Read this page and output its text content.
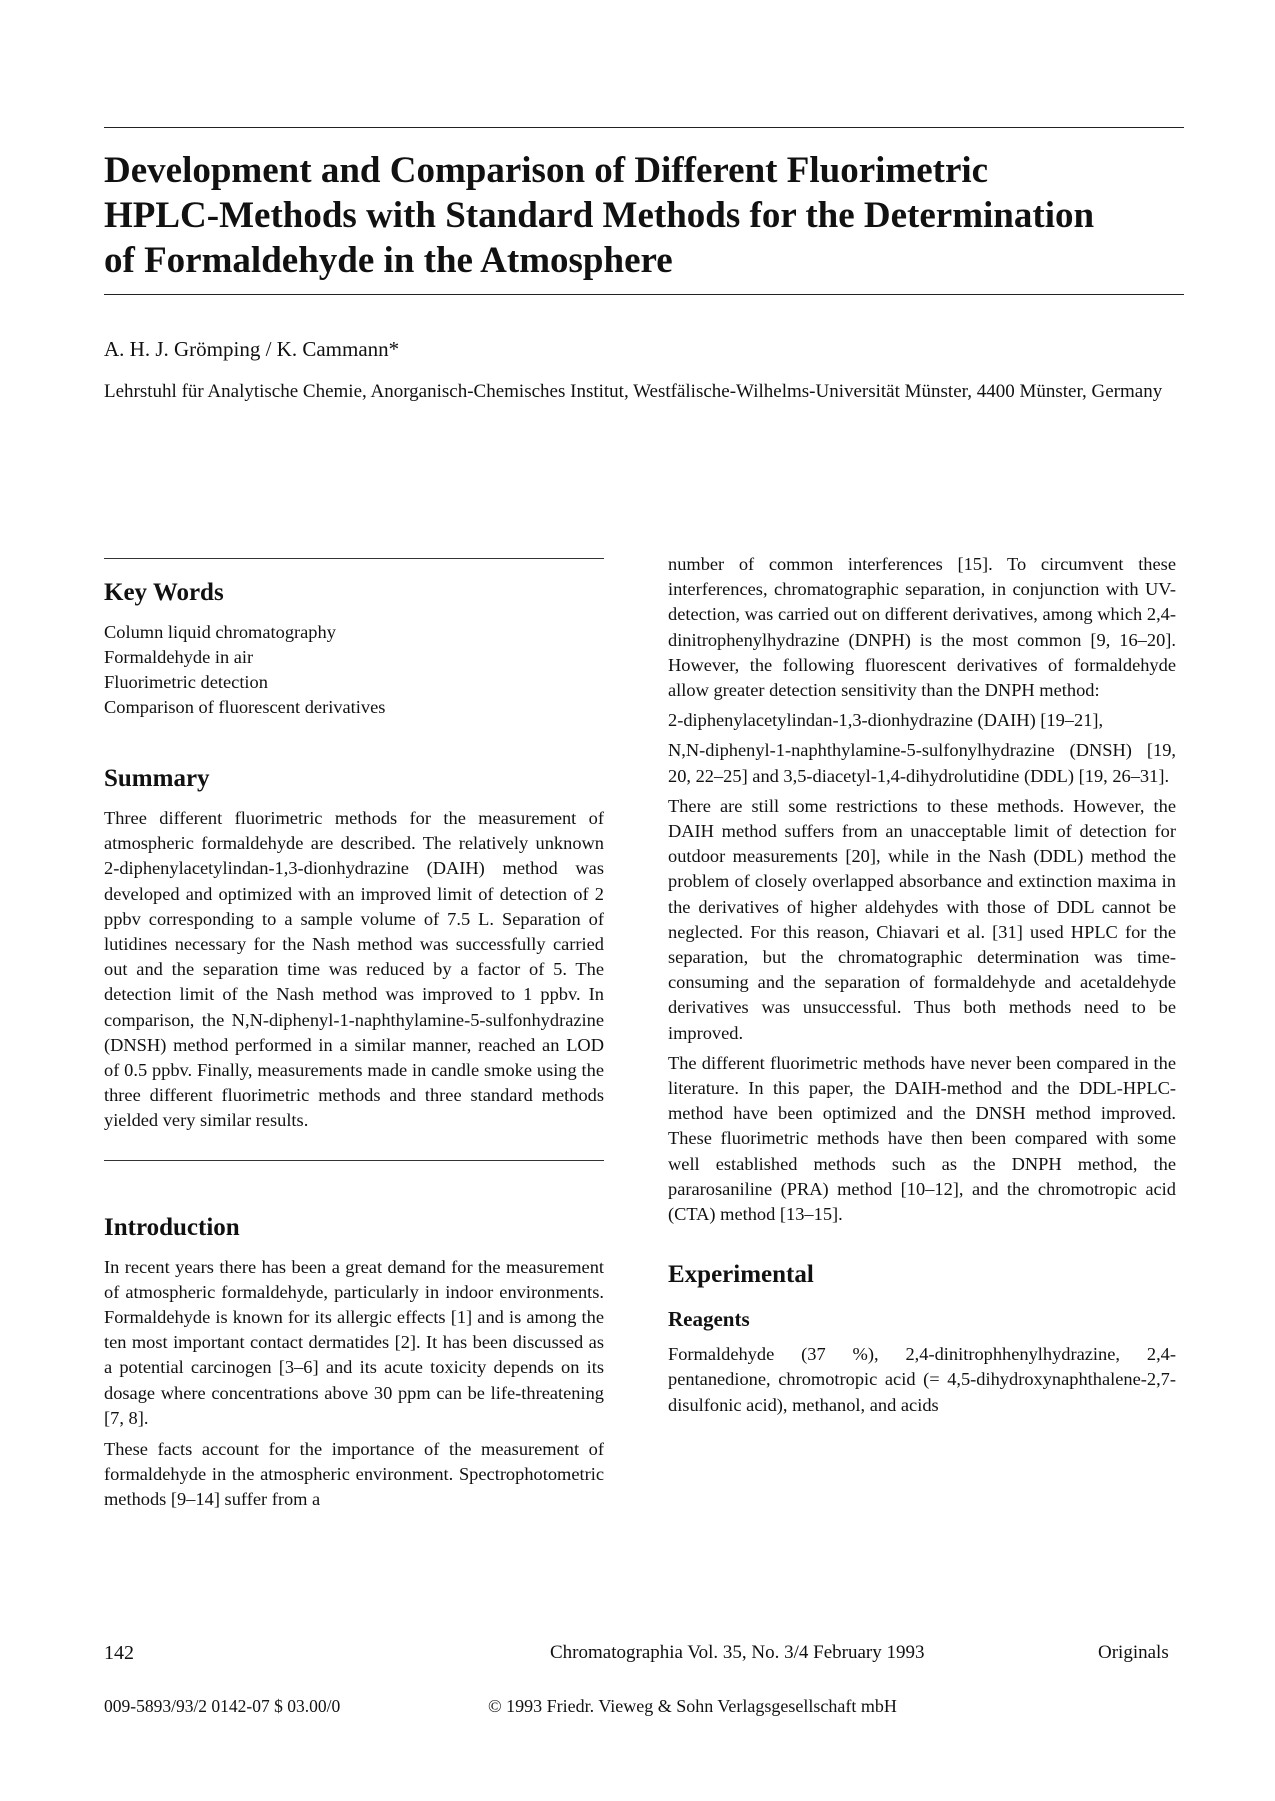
Development and Comparison of Different Fluorimetric
HPLC-Methods with Standard Methods for the Determination
of Formaldehyde in the Atmosphere
A. H. J. Grömping / K. Cammann*
Lehrstuhl für Analytische Chemie, Anorganisch-Chemisches Institut, Westfälische-Wilhelms-Universität Münster, 4400 Münster, Germany
Key Words
Column liquid chromatography
Formaldehyde in air
Fluorimetric detection
Comparison of fluorescent derivatives
Summary

Three different fluorimetric methods for the measurement of atmospheric formaldehyde are described. The relatively unknown 2-diphenylacetylindan-1,3-dionhydrazine (DAIH) method was developed and optimized with an improved limit of detection of 2 ppbv corresponding to a sample volume of 7.5 L. Separation of lutidines necessary for the Nash method was successfully carried out and the separation time was reduced by a factor of 5. The detection limit of the Nash method was improved to 1 ppbv. In comparison, the N,N-diphenyl-1-naphthylamine-5-sulfonhydrazine (DNSH) method performed in a similar manner, reached an LOD of 0.5 ppbv. Finally, measurements made in candle smoke using the three different fluorimetric methods and three standard methods yielded very similar results.

Introduction

In recent years there has been a great demand for the measurement of atmospheric formaldehyde, particularly in indoor environments. Formaldehyde is known for its allergic effects [1] and is among the ten most important contact dermatides [2]. It has been discussed as a potential carcinogen [3–6] and its acute toxicity depends on its dosage where concentrations above 30 ppm can be life-threatening [7, 8].

These facts account for the importance of the measurement of formaldehyde in the atmospheric environment. Spectrophotometric methods [9–14] suffer from a

number of common interferences [15]. To circumvent these interferences, chromatographic separation, in conjunction with UV-detection, was carried out on different derivatives, among which 2,4-dinitrophenylhydrazine (DNPH) is the most common [9, 16–20]. However, the following fluorescent derivatives of formaldehyde allow greater detection sensitivity than the DNPH method:

2-diphenylacetylindan-1,3-dionhydrazine (DAIH) [19–21],

N,N-diphenyl-1-naphthylamine-5-sulfonylhydrazine (DNSH) [19, 20, 22–25] and 3,5-diacetyl-1,4-dihydrolutidine (DDL) [19, 26–31].

There are still some restrictions to these methods. However, the DAIH method suffers from an unacceptable limit of detection for outdoor measurements [20], while in the Nash (DDL) method the problem of closely overlapped absorbance and extinction maxima in the derivatives of higher aldehydes with those of DDL cannot be neglected. For this reason, Chiavari et al. [31] used HPLC for the separation, but the chromatographic determination was time-consuming and the separation of formaldehyde and acetaldehyde derivatives was unsuccessful. Thus both methods need to be improved.

The different fluorimetric methods have never been compared in the literature. In this paper, the DAIH-method and the DDL-HPLC-method have been optimized and the DNSH method improved. These fluorimetric methods have then been compared with some well established methods such as the DNPH method, the pararosaniline (PRA) method [10–12], and the chromotropic acid (CTA) method [13–15].

Experimental
Reagents

Formaldehyde (37 %), 2,4-dinitrophhenylhydrazine, 2,4-pentanedione, chromotropic acid (= 4,5-dihydroxynaphthalene-2,7-disulfonic acid), methanol, and acids

142	Chromatographia Vol. 35, No. 3/4 February 1993	Originals
009-5893/93/2 0142-07 $ 03.00/0	© 1993 Friedr. Vieweg & Sohn Verlagsgesellschaft mbH
